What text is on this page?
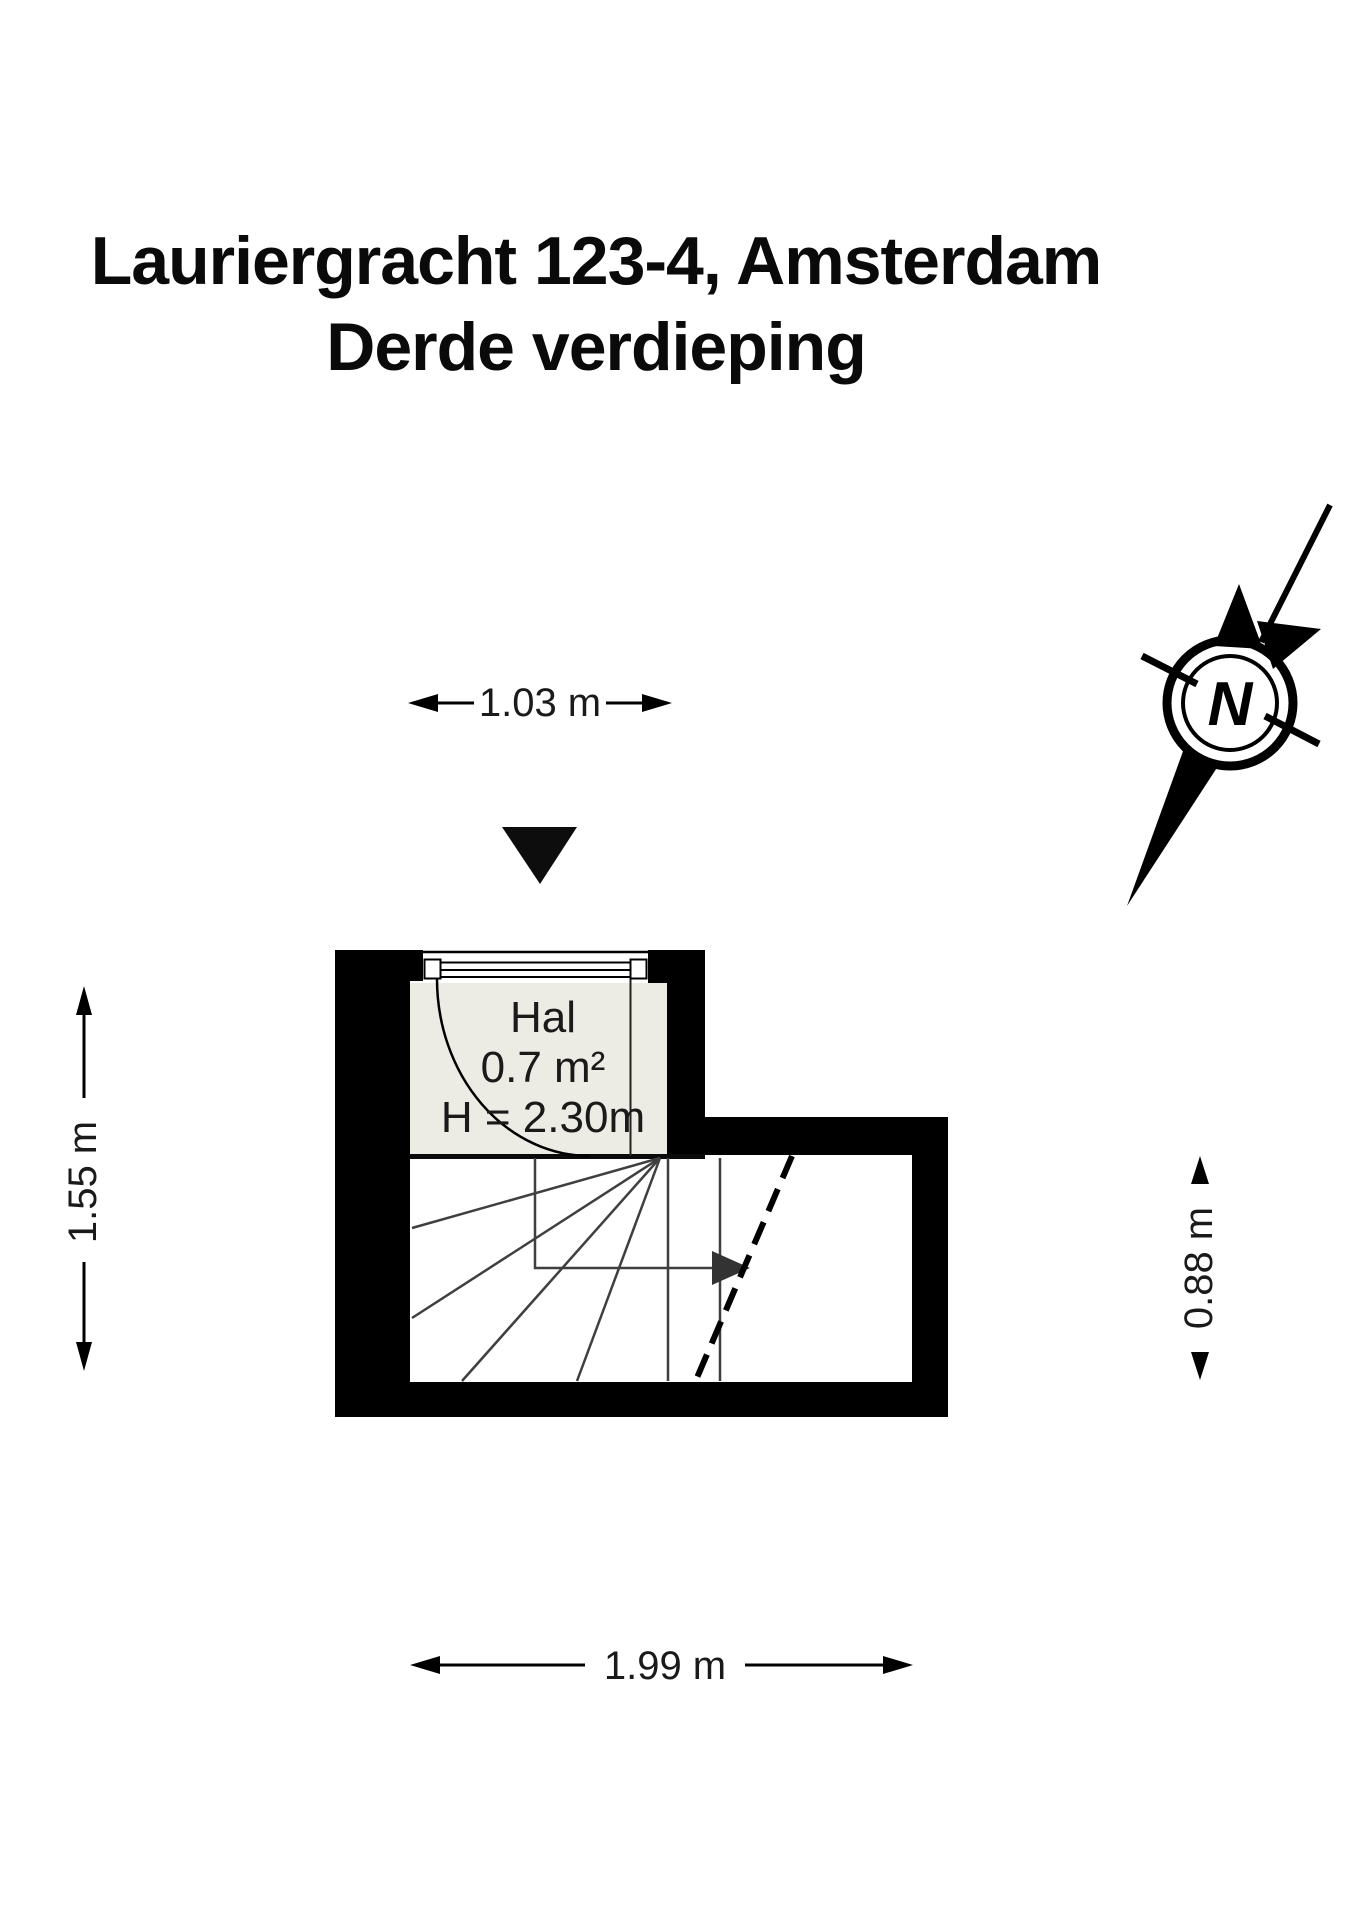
Lauriergracht 123-4, Amsterdam
Derde verdieping
1.03 m
Hal
0.7 m²
H = 2.30m
1.55 m
0.88 m
1.99 m
N
